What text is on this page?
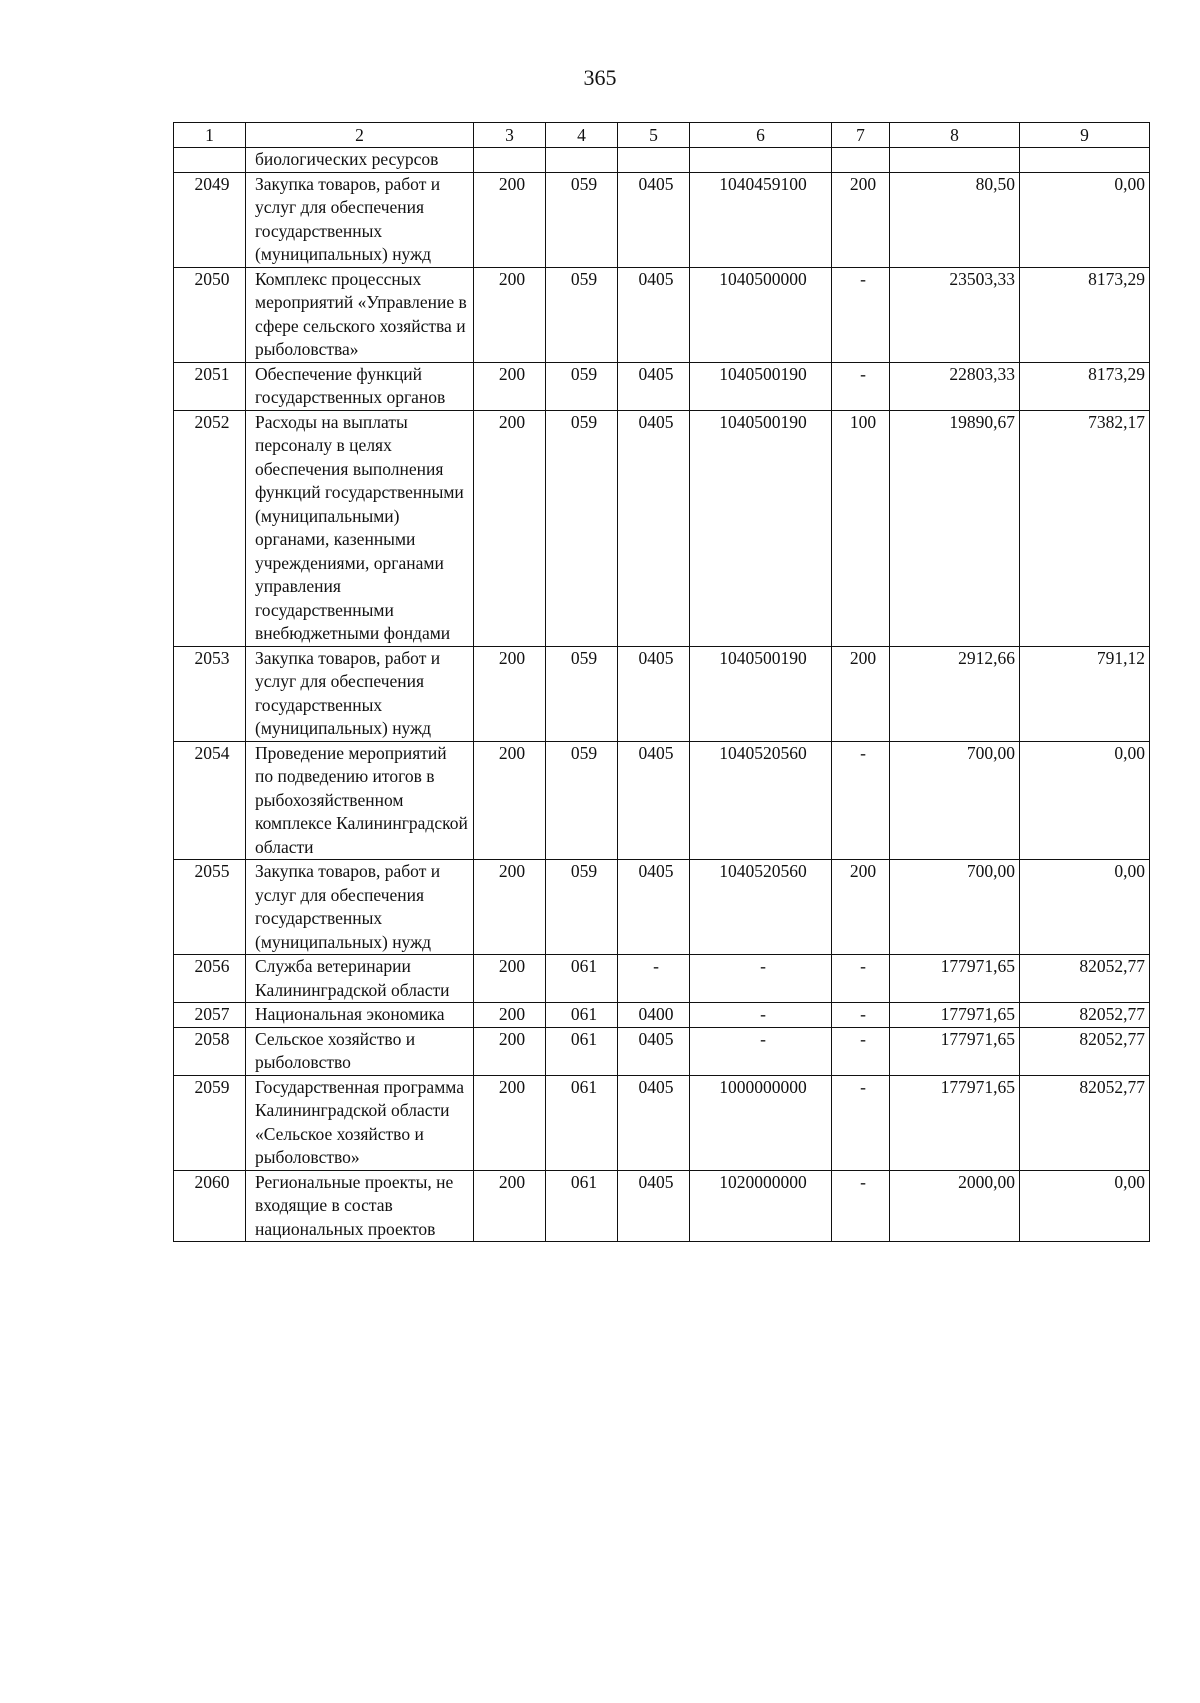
365
1	2	3	4	5	6	7	8	9
	биологических ресурсов							
2049	Закупка товаров, работ и услуг для обеспечения государственных (муниципальных) нужд	200	059	0405	1040459100	200	80,50	0,00
2050	Комплекс процессных мероприятий «Управление в сфере сельского хозяйства и рыболовства»	200	059	0405	1040500000	-	23503,33	8173,29
2051	Обеспечение функций государственных органов	200	059	0405	1040500190	-	22803,33	8173,29
2052	Расходы на выплаты персоналу в целях обеспечения выполнения функций государственными (муниципальными) органами, казенными учреждениями, органами управления государственными внебюджетными фондами	200	059	0405	1040500190	100	19890,67	7382,17
2053	Закупка товаров, работ и услуг для обеспечения государственных (муниципальных) нужд	200	059	0405	1040500190	200	2912,66	791,12
2054	Проведение мероприятий по подведению итогов в рыбохозяйственном комплексе Калининградской области	200	059	0405	1040520560	-	700,00	0,00
2055	Закупка товаров, работ и услуг для обеспечения государственных (муниципальных) нужд	200	059	0405	1040520560	200	700,00	0,00
2056	Служба ветеринарии Калининградской области	200	061	-	-	-	177971,65	82052,77
2057	Национальная экономика	200	061	0400	-	-	177971,65	82052,77
2058	Сельское хозяйство и рыболовство	200	061	0405	-	-	177971,65	82052,77
2059	Государственная программа Калининградской области «Сельское хозяйство и рыболовство»	200	061	0405	1000000000	-	177971,65	82052,77
2060	Региональные проекты, не входящие в состав национальных проектов	200	061	0405	1020000000	-	2000,00	0,00
